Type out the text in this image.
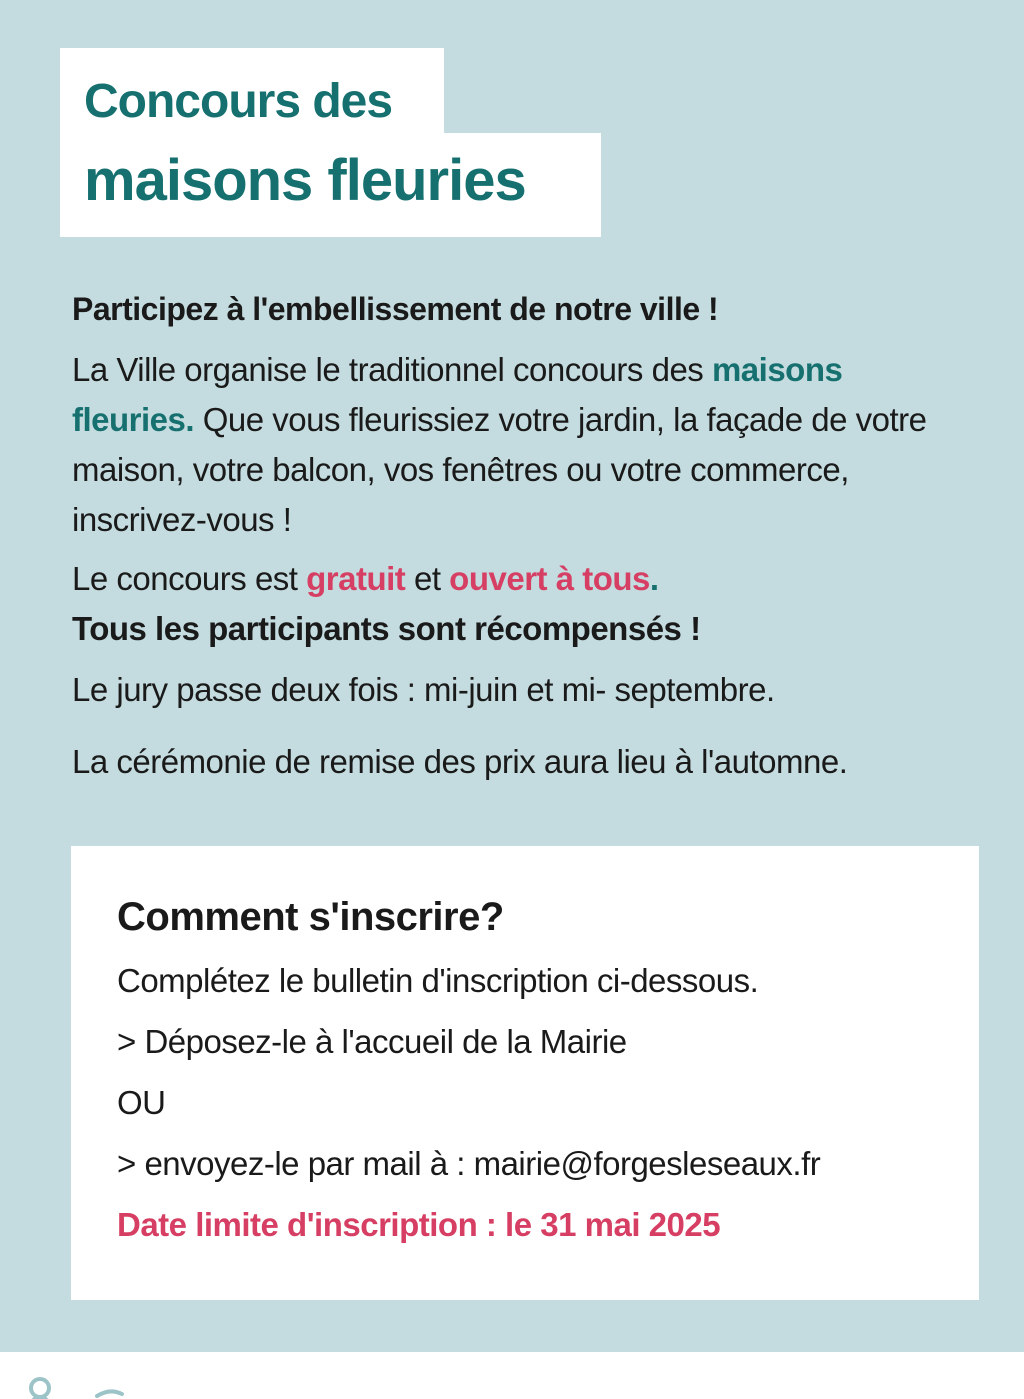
Concours des
maisons fleuries
Participez à l'embellissement de notre ville !
La Ville organise le traditionnel concours des maisons fleuries. Que vous fleurissiez votre jardin, la façade de votre maison, votre balcon, vos fenêtres ou votre commerce, inscrivez-vous !
Le concours est gratuit et ouvert à tous.
Tous les participants sont récompensés !
Le jury passe deux fois : mi-juin et mi- septembre.
La cérémonie de remise des prix aura lieu à l'automne.
Comment s'inscrire?
Complétez le bulletin d'inscription ci-dessous.
> Déposez-le à l'accueil de la Mairie
OU
> envoyez-le par mail à : mairie@forgesleseaux.fr
Date limite d'inscription : le 31 mai 2025
